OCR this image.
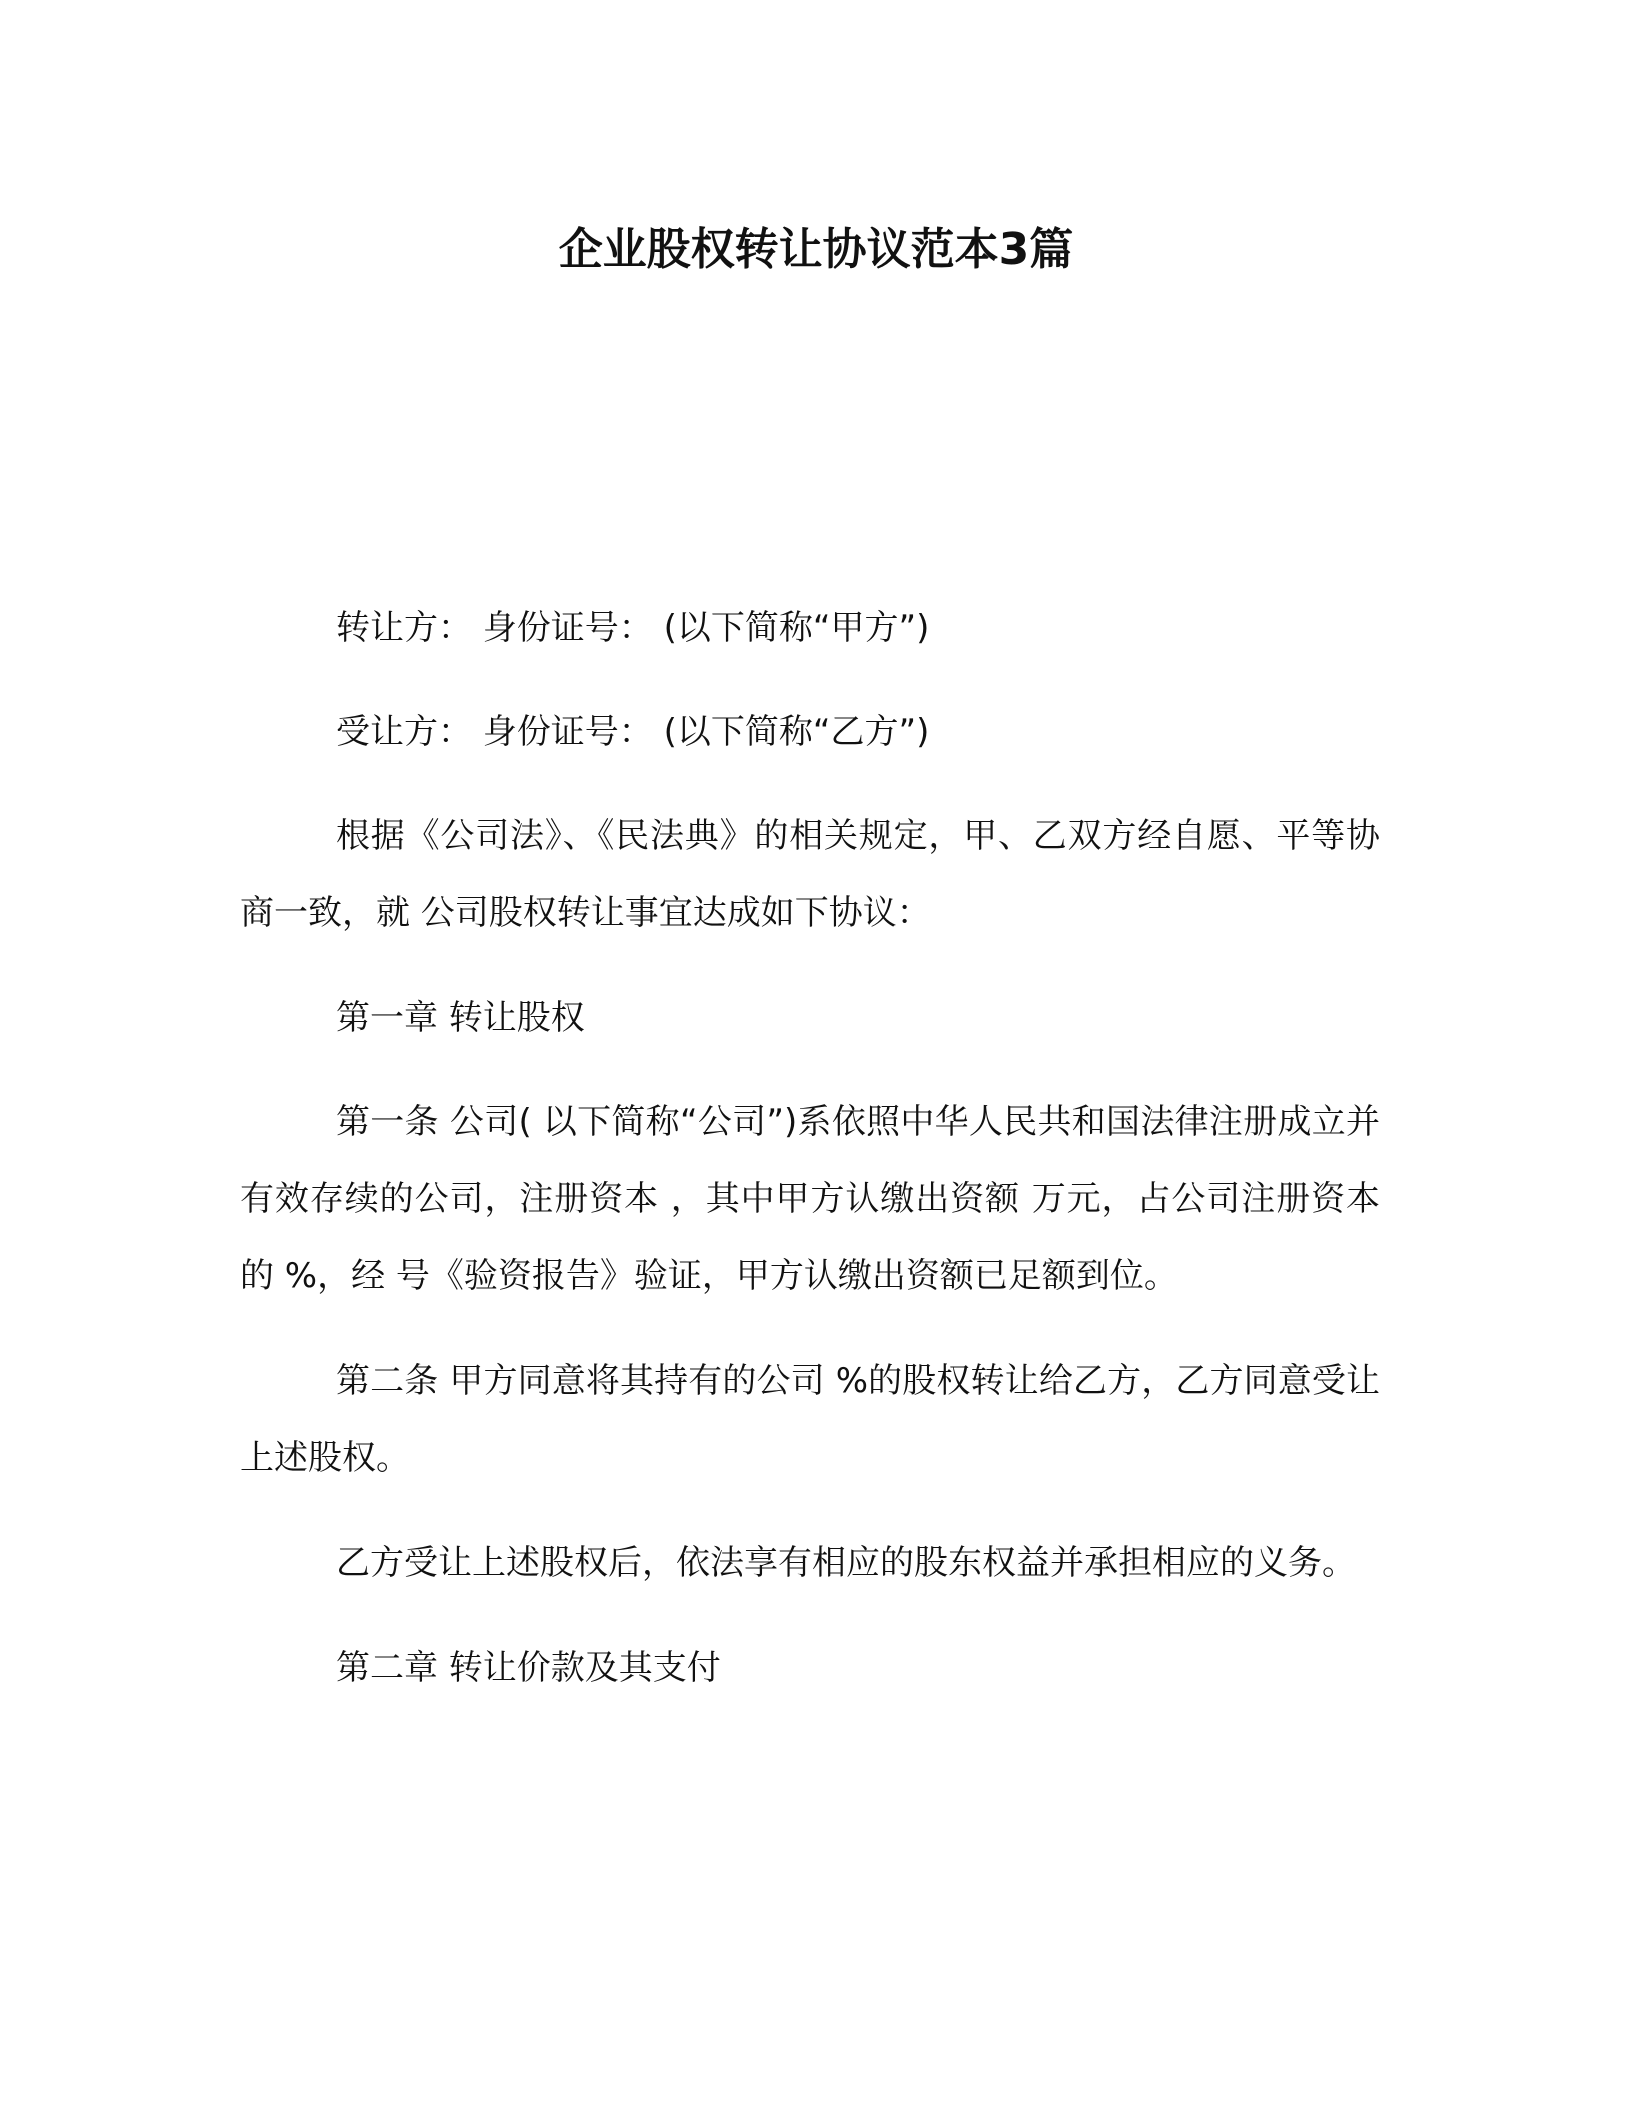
企业股权转让协议范本3篇

转让方： 身份证号： (以下简称“甲方”)

受让方： 身份证号： (以下简称“乙方”)

根据《公司法》、《民法典》的相关规定，甲、乙双方经自愿、平等协商一致，就 公司股权转让事宜达成如下协议：

第一章 转让股权

第一条 公司( 以下简称“公司”)系依照中华人民共和国法律注册成立并有效存续的公司，注册资本 ，其中甲方认缴出资额 万元，占公司注册资本的 %，经 号《验资报告》验证，甲方认缴出资额已足额到位。

第二条 甲方同意将其持有的公司 %的股权转让给乙方，乙方同意受让上述股权。

乙方受让上述股权后，依法享有相应的股东权益并承担相应的义务。

第二章 转让价款及其支付
